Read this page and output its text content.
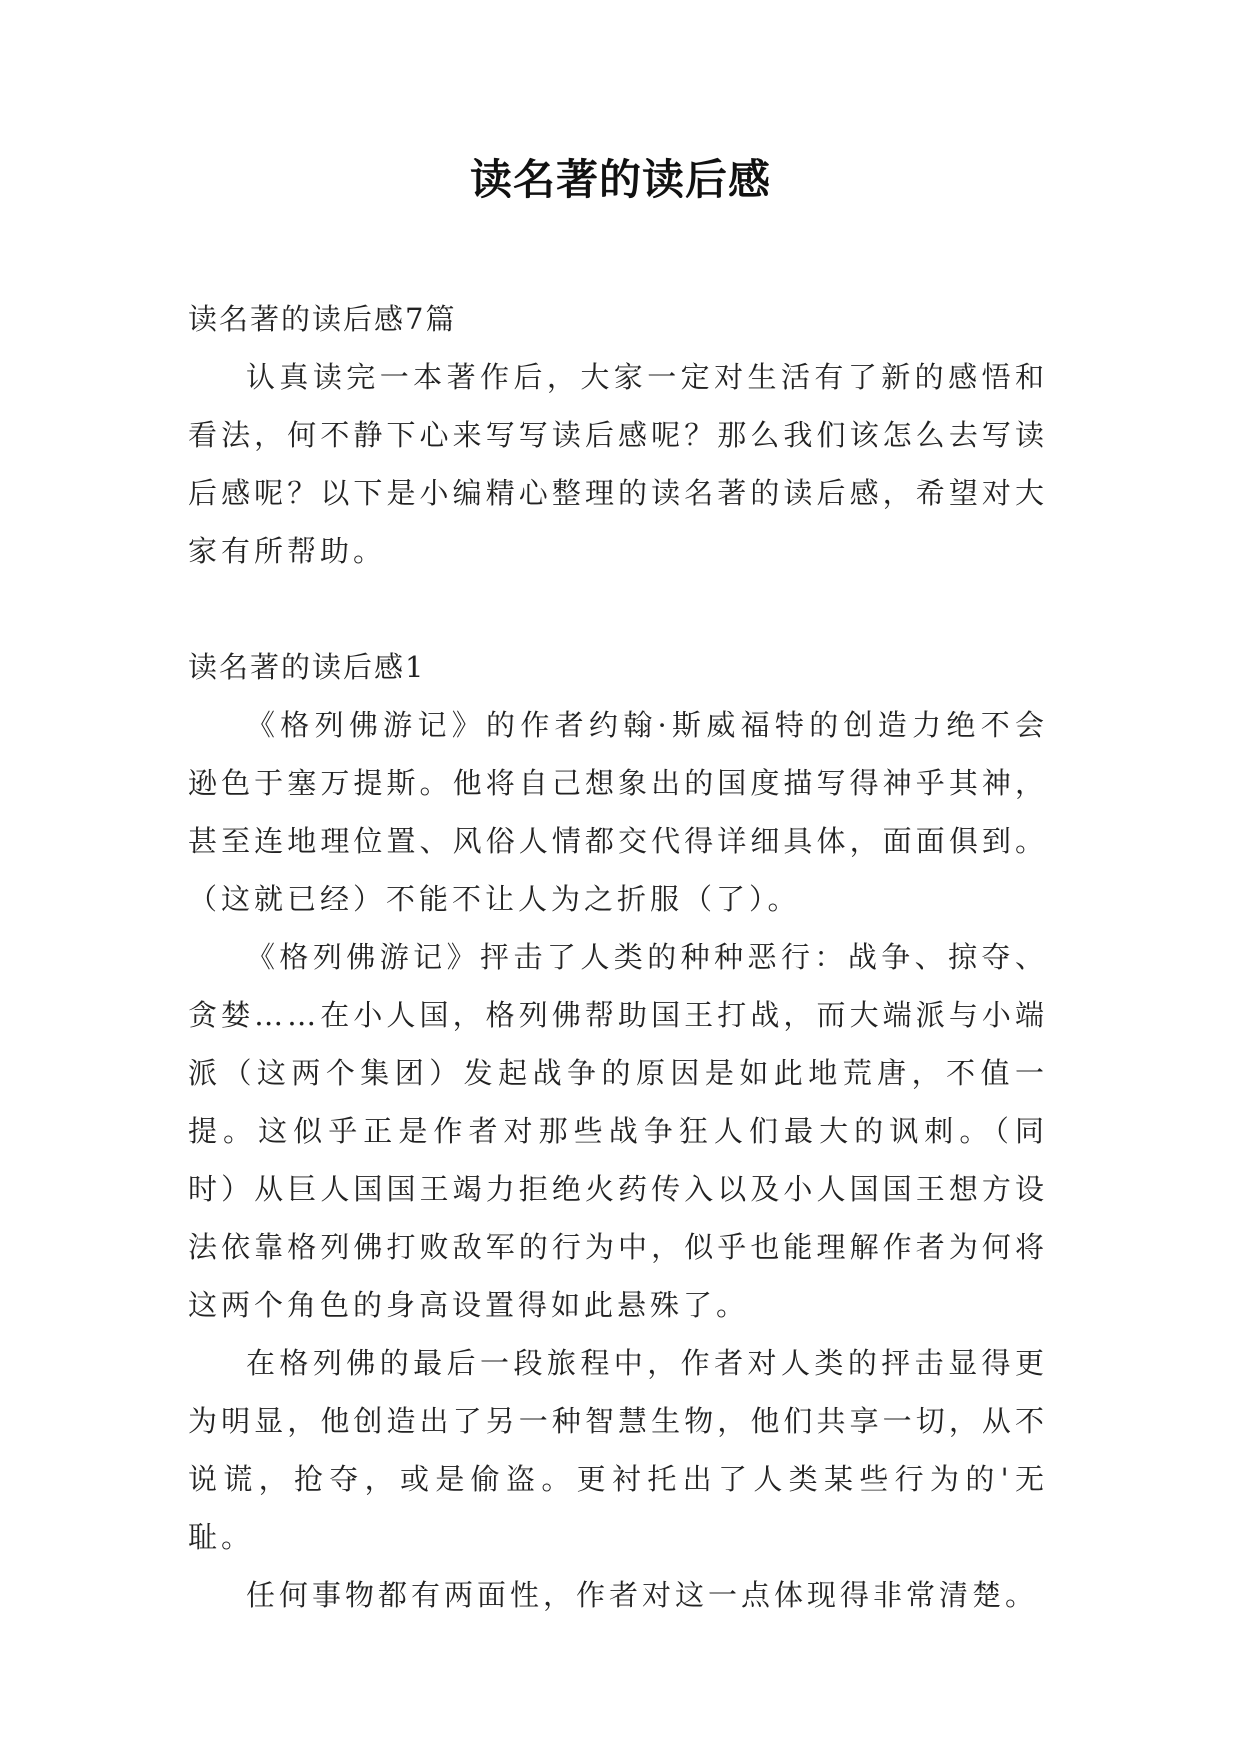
读名著的读后感

读名著的读后感7篇

认真读完一本著作后，大家一定对生活有了新的感悟和看法，何不静下心来写写读后感呢？那么我们该怎么去写读后感呢？以下是小编精心整理的读名著的读后感，希望对大家有所帮助。

读名著的读后感1

《格列佛游记》的作者约翰·斯威福特的创造力绝不会逊色于塞万提斯。他将自己想象出的国度描写得神乎其神，甚至连地理位置、风俗人情都交代得详细具体，面面俱到。（这就已经）不能不让人为之折服（了）。

《格列佛游记》抨击了人类的种种恶行：战争、掠夺、贪婪……在小人国，格列佛帮助国王打战，而大端派与小端派（这两个集团）发起战争的原因是如此地荒唐，不值一提。这似乎正是作者对那些战争狂人们最大的讽刺。（同时）从巨人国国王竭力拒绝火药传入以及小人国国王想方设法依靠格列佛打败敌军的行为中，似乎也能理解作者为何将这两个角色的身高设置得如此悬殊了。

在格列佛的最后一段旅程中，作者对人类的抨击显得更为明显，他创造出了另一种智慧生物，他们共享一切，从不说谎，抢夺，或是偷盗。更衬托出了人类某些行为的'无耻。

任何事物都有两面性，作者对这一点体现得非常清楚。
